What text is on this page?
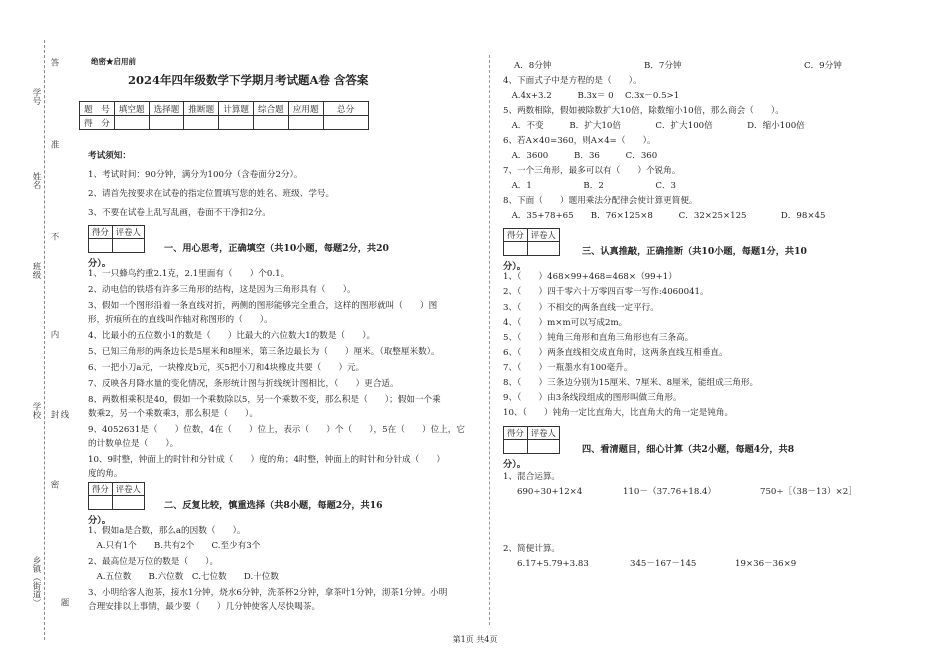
学号
姓名
班级
学校
乡镇（街道）
密
封 线
内
不
准
答
题
绝密★启用前
2024年四年级数学下学期月考试题A卷 含答案
题　号	填空题	选择题	推断题	计算题	综合题	应用题	总分
得　分							
考试须知：
1、考试时间：90分钟，满分为100分（含卷面分2分）。
2、请首先按要求在试卷的指定位置填写您的姓名、班级、学号。
3、不要在试卷上乱写乱画，卷面不干净扣2分。
得分	评卷人

一、用心思考，正确填空（共10小题，每题2分，共20
分）。
1、一只蜂鸟约重2.1克，2.1里面有（　　）个0.1。
2、动电信的铁塔有许多三角形的结构，这是因为三角形具有（　　）。
3、假如一个图形沿着一条直线对折，两侧的图形能够完全重合，这样的图形就叫（　　）图
形，折痕所在的直线叫作轴对称图形的（　　）。
4、比最小的五位数小1的数是（　　）比最大的六位数大1的数是（　　）。
5、已知三角形的两条边长是5厘米和8厘米，第三条边最长为（　　）厘米。（取整厘米数）。
6、一把小刀a元，一块橡皮b元，买5把小刀和4块橡皮共要（　　）元。
7、反映各月降水量的变化情况，条形统计图与折线统计图相比，（　　）更合适。
8、两数相乘积是40，假如一个乘数除以5，另一个乘数不变，那么积是（　　）；假如一个乘
数乘2，另一个乘数乘3，那么积是（　　）。
9、4052631是（　　）位数，4在（　　）位上，表示（　　）个（　　），5在（　　）位上，它
的计数单位是（　　）。
10、9时整，钟面上的时针和分针成（　　）度的角；4时整，钟面上的时针和分针成（　　）
度的角。
得分	评卷人

二、反复比较，慎重选择（共8小题，每题2分，共16
分）。
1、假如a是合数，那么a的因数（　　）。
　A.只有1个　　B.共有2个　　C.至少有3个
2、最高位是万位的数是（　　）。
　A.五位数　　B.六位数　C.七位数　　D.十位数
3、小明给客人泡茶，接水1分钟，烧水6分钟，洗茶杯2分钟，拿茶叶1分钟，沏茶1分钟。小明
合理安排以上事情，最少要（　　）几分钟使客人尽快喝茶。
A．8分钟	B．7分钟	C．9分钟
4、下面式子中是方程的是（　　）。
　A.4x+3.2　　　B.3x＝ 0　 C.3x－0.5>1
5、两数相除，假如被除数扩大10倍，除数缩小10倍，那么商会（　　）。
　A．不变　　　B．扩大10倍　　　　C．扩大100倍　　　　D．缩小100倍
6、若A×40=360，则A×4=（　　）。
　A．3600　　　B．36　　　C．360
7、一个三角形，最多可以有（　　）个锐角。
　A．1　　　　　　B．2　　　　　　C．3
8、下面（　　）题用乘法分配律会使计算更简便。
　A．35+78+65　　B．76×125×8　　　C．32×25×125　　　　D．98×45
得分	评卷人

三、认真推敲，正确推断（共10小题，每题1分，共10
分）。
1、（　　）468×99+468=468×（99+1）
2、（　　）四千零六十万零四百零一写作:4060041。
3、（　　）不相交的两条直线一定平行。
4、（　　）m×m可以写成2m。
5、（　　）钝角三角形和直角三角形也有三条高。
6、（　　）两条直线相交成直角时，这两条直线互相垂直。
7、（　　）一瓶墨水有100毫升。
8、（　　）三条边分别为15厘米、7厘米、8厘米，能组成三角形。
9、（　　）由3条线段组成的图形叫做三角形。
10、（　　）钝角一定比直角大，比直角大的角一定是钝角。
得分	评卷人

四、看清题目，细心计算（共2小题，每题4分，共8
分）。
1、混合运算。
690÷30+12×4	110－（37.76+18.4）	750÷［（38－13）×2］
2、简便计算。
6.17+5.79+3.83	345－167－145	19×36－36×9
第1页 共4页
